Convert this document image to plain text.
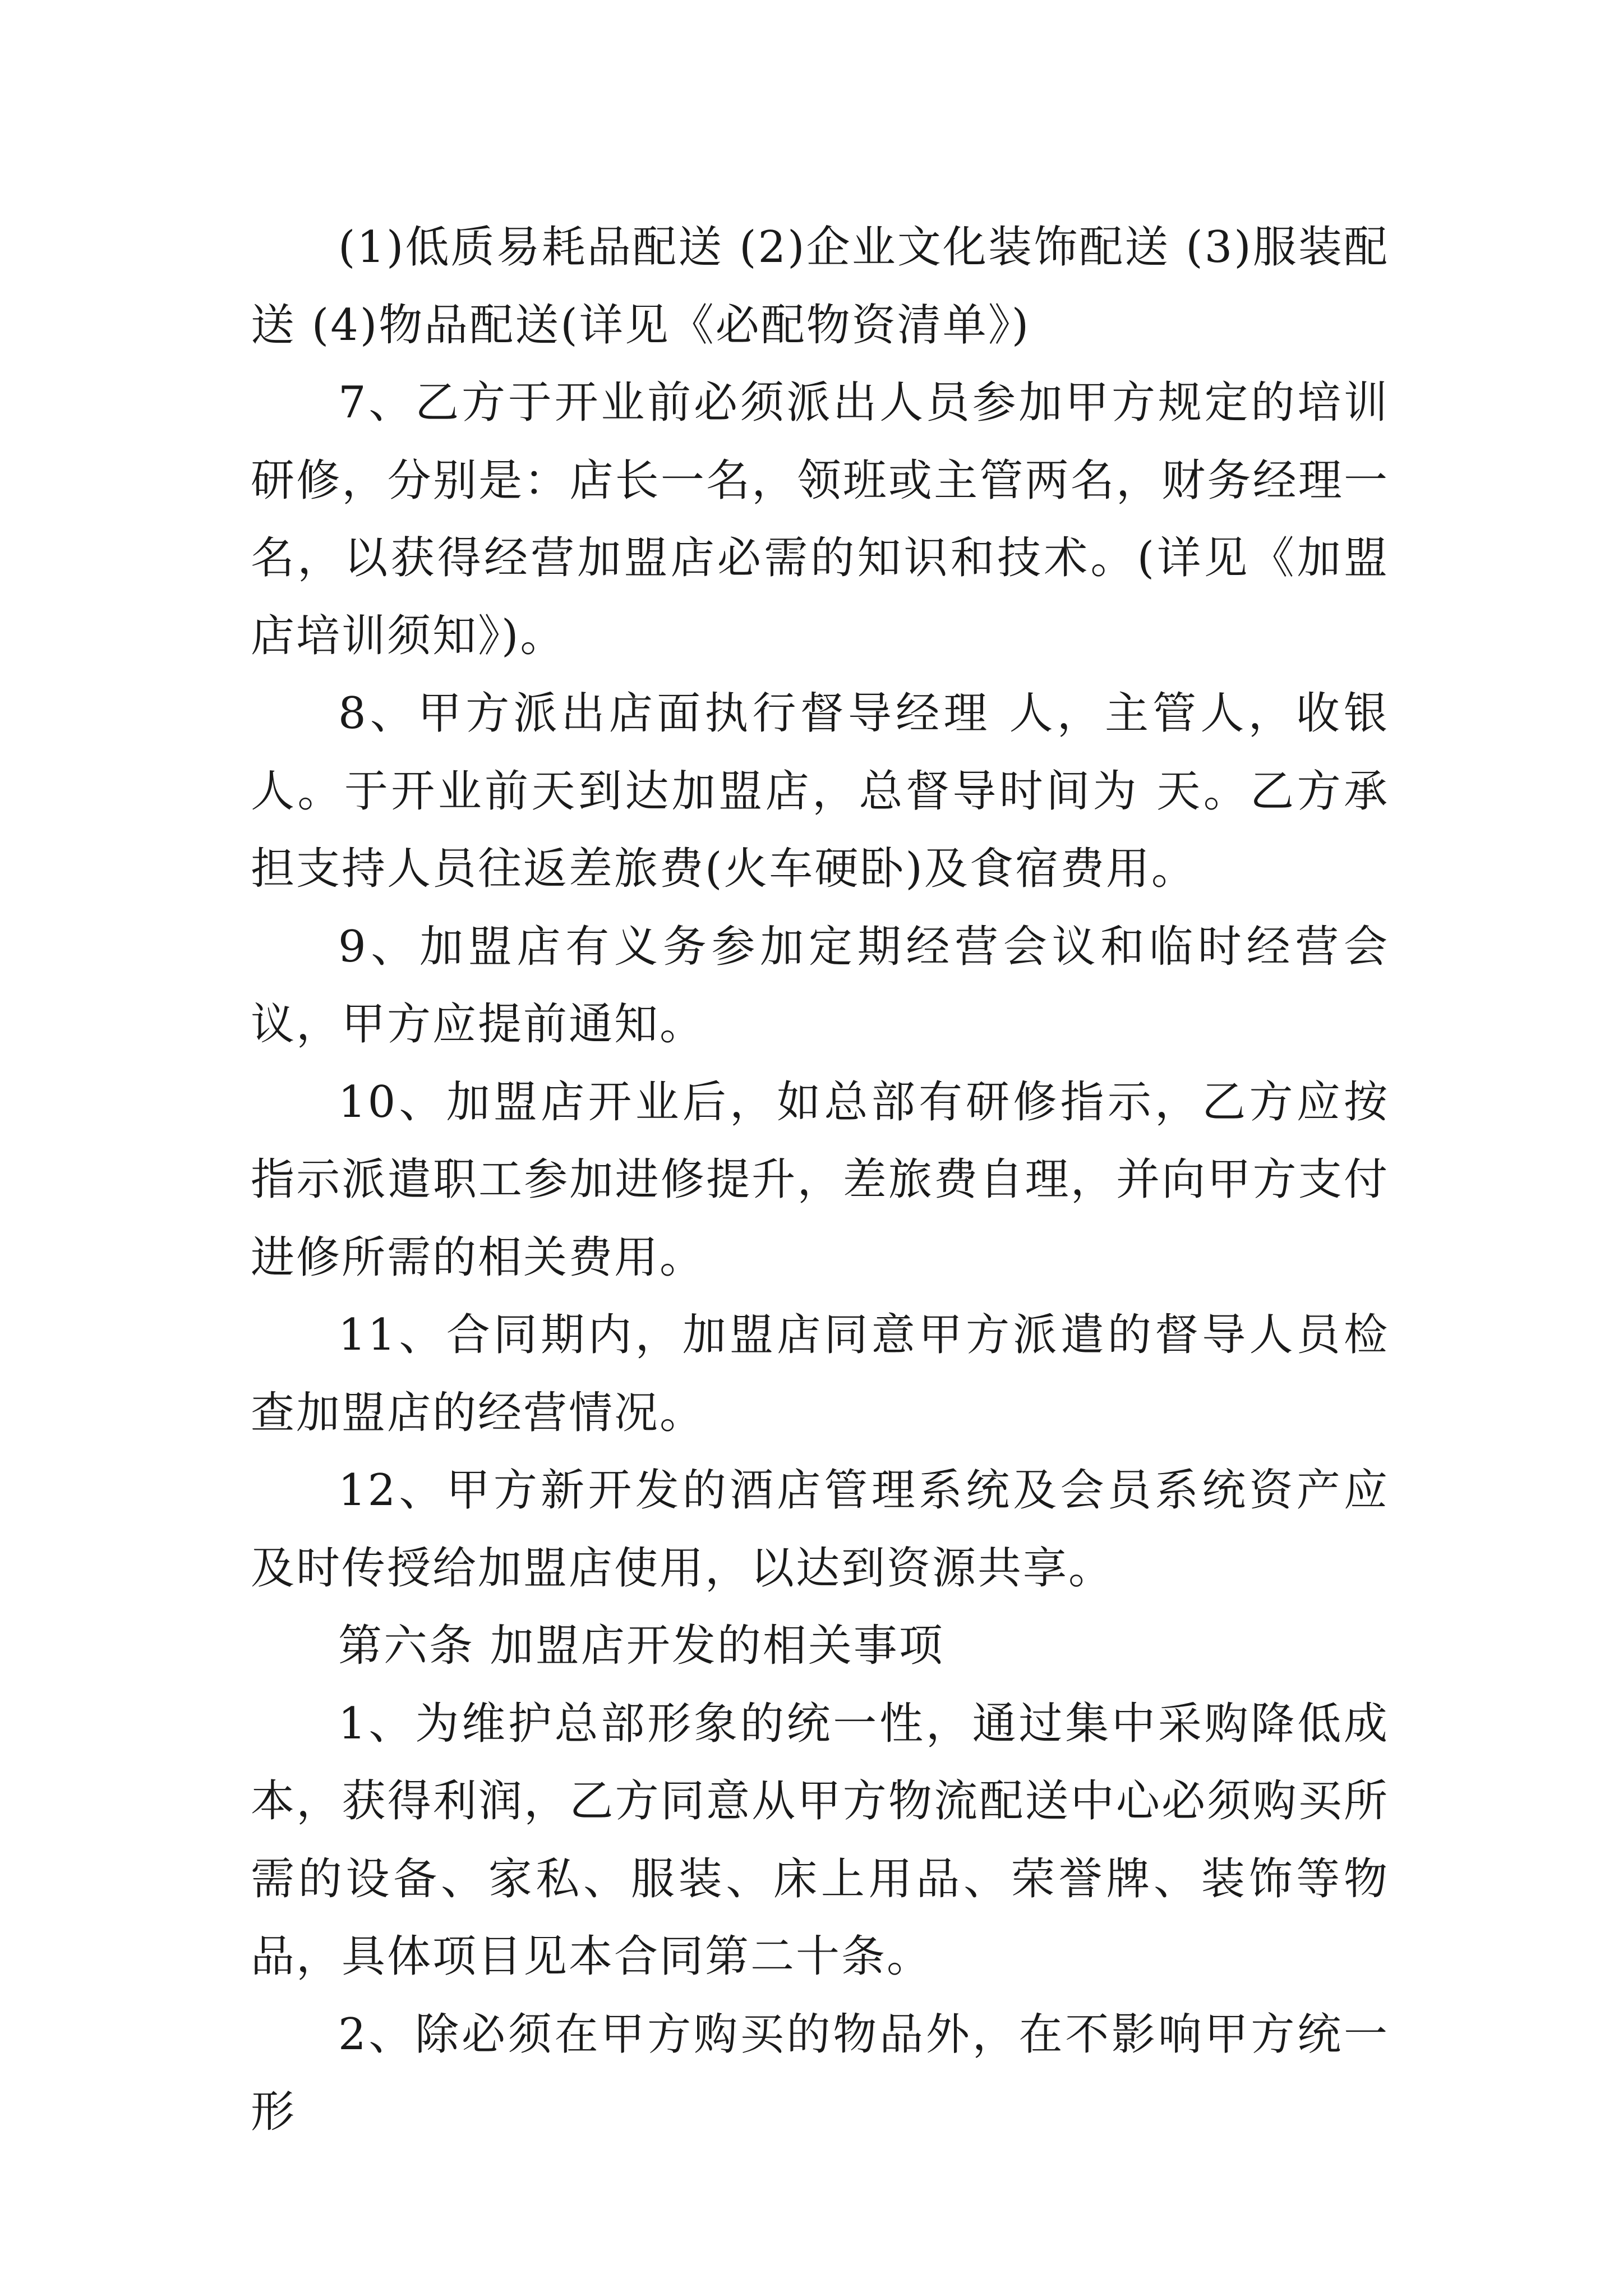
(1)低质易耗品配送 (2)企业文化装饰配送 (3)服装配送 (4)物品配送(详见《必配物资清单》)

7、乙方于开业前必须派出人员参加甲方规定的培训研修，分别是：店长一名，领班或主管两名，财务经理一名，以获得经营加盟店必需的知识和技术。(详见《加盟店培训须知》)。

8、甲方派出店面执行督导经理 人，主管人，收银人。于开业前天到达加盟店，总督导时间为 天。乙方承担支持人员往返差旅费(火车硬卧)及食宿费用。

9、加盟店有义务参加定期经营会议和临时经营会议，甲方应提前通知。

10、加盟店开业后，如总部有研修指示，乙方应按指示派遣职工参加进修提升，差旅费自理，并向甲方支付进修所需的相关费用。

11、合同期内，加盟店同意甲方派遣的督导人员检查加盟店的经营情况。

12、甲方新开发的酒店管理系统及会员系统资产应及时传授给加盟店使用，以达到资源共享。

第六条 加盟店开发的相关事项

1、为维护总部形象的统一性，通过集中采购降低成本，获得利润，乙方同意从甲方物流配送中心必须购买所需的设备、家私、服装、床上用品、荣誉牌、装饰等物品，具体项目见本合同第二十条。

2、除必须在甲方购买的物品外，在不影响甲方统一形
